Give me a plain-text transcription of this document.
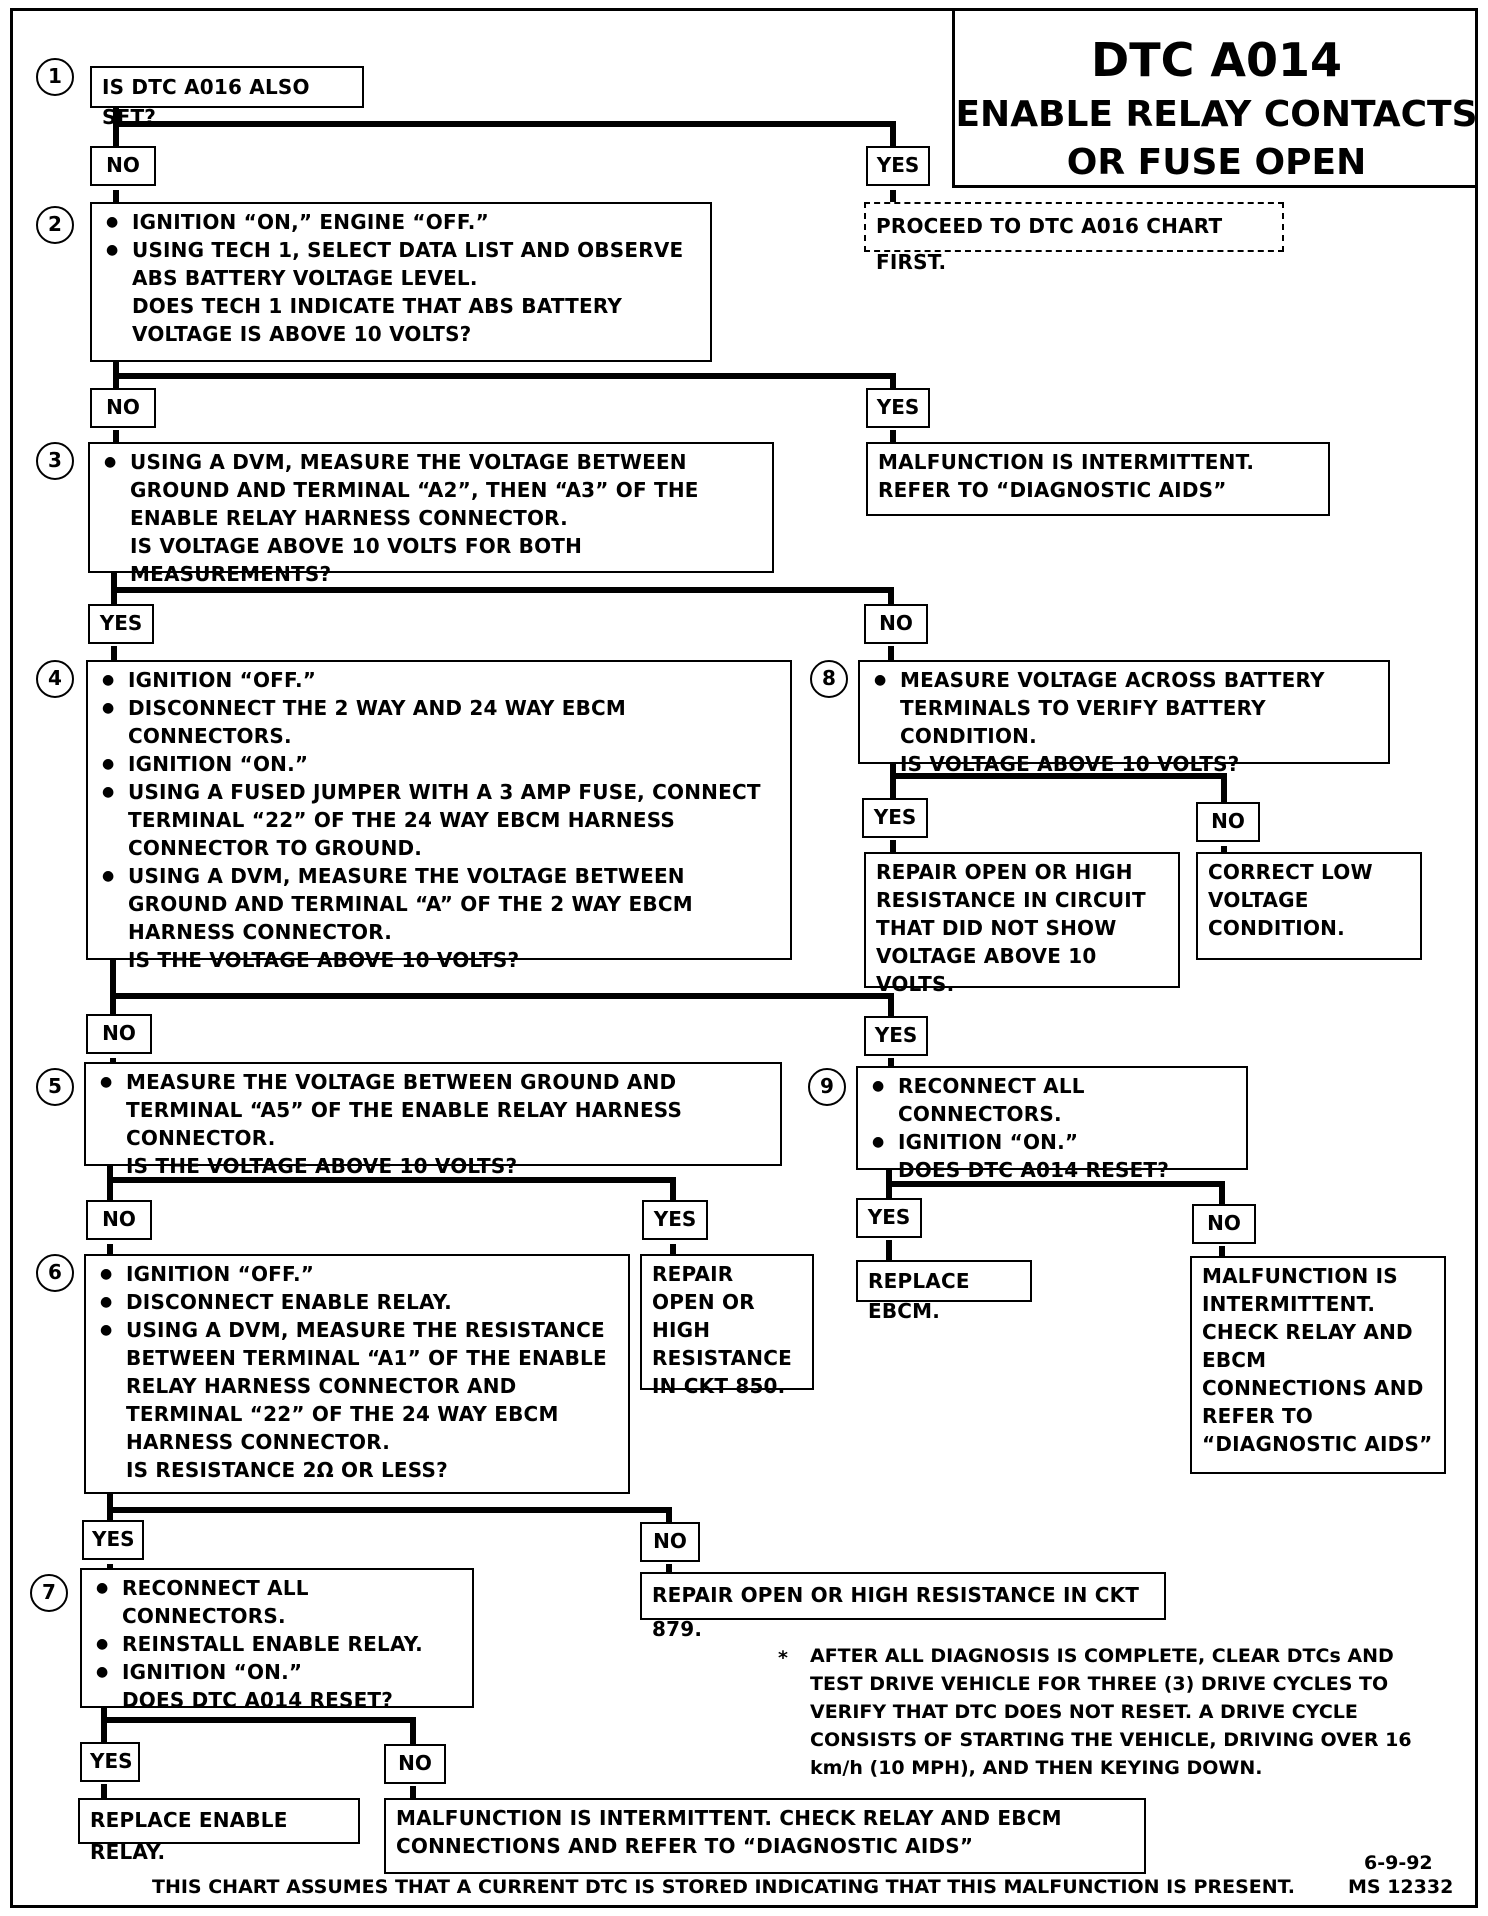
DTC A014
ENABLE RELAY CONTACTS
OR FUSE OPEN
1	IS DTC A016 ALSO SET?
NO	YES
PROCEED TO DTC A016 CHART FIRST.
2	● IGNITION “ON,” ENGINE “OFF.”
● USING TECH 1, SELECT DATA LIST AND OBSERVE ABS BATTERY VOLTAGE LEVEL.
DOES TECH 1 INDICATE THAT ABS BATTERY VOLTAGE IS ABOVE 10 VOLTS?
NO	YES
MALFUNCTION IS INTERMITTENT. REFER TO “DIAGNOSTIC AIDS”
3	● USING A DVM, MEASURE THE VOLTAGE BETWEEN GROUND AND TERMINAL “A2”, THEN “A3” OF THE ENABLE RELAY HARNESS CONNECTOR.
IS VOLTAGE ABOVE 10 VOLTS FOR BOTH MEASUREMENTS?
YES	NO
4	● IGNITION “OFF.”
● DISCONNECT THE 2 WAY AND 24 WAY EBCM CONNECTORS.
● IGNITION “ON.”
● USING A FUSED JUMPER WITH A 3 AMP FUSE, CONNECT TERMINAL “22” OF THE 24 WAY EBCM HARNESS CONNECTOR TO GROUND.
● USING A DVM, MEASURE THE VOLTAGE BETWEEN GROUND AND TERMINAL “A” OF THE 2 WAY EBCM HARNESS CONNECTOR.
IS THE VOLTAGE ABOVE 10 VOLTS?
NO	YES
8	● MEASURE VOLTAGE ACROSS BATTERY TERMINALS TO VERIFY BATTERY CONDITION.
IS VOLTAGE ABOVE 10 VOLTS?
YES	NO
REPAIR OPEN OR HIGH RESISTANCE IN CIRCUIT THAT DID NOT SHOW VOLTAGE ABOVE 10 VOLTS.
CORRECT LOW VOLTAGE CONDITION.
5	● MEASURE THE VOLTAGE BETWEEN GROUND AND TERMINAL “A5” OF THE ENABLE RELAY HARNESS CONNECTOR.
IS THE VOLTAGE ABOVE 10 VOLTS?
NO	YES
REPAIR OPEN OR HIGH RESISTANCE IN CKT 850.
9	● RECONNECT ALL CONNECTORS.
● IGNITION “ON.”
DOES DTC A014 RESET?
YES	NO
REPLACE EBCM.
MALFUNCTION IS INTERMITTENT. CHECK RELAY AND EBCM CONNECTIONS AND REFER TO “DIAGNOSTIC AIDS”
6	● IGNITION “OFF.”
● DISCONNECT ENABLE RELAY.
● USING A DVM, MEASURE THE RESISTANCE BETWEEN TERMINAL “A1” OF THE ENABLE RELAY HARNESS CONNECTOR AND TERMINAL “22” OF THE 24 WAY EBCM HARNESS CONNECTOR.
IS RESISTANCE 2Ω OR LESS?
YES	NO
REPAIR OPEN OR HIGH RESISTANCE IN CKT 879.
7	● RECONNECT ALL CONNECTORS.
● REINSTALL ENABLE RELAY.
● IGNITION “ON.”
DOES DTC A014 RESET?
YES	NO
REPLACE ENABLE RELAY.
MALFUNCTION IS INTERMITTENT. CHECK RELAY AND EBCM CONNECTIONS AND REFER TO “DIAGNOSTIC AIDS”
* AFTER ALL DIAGNOSIS IS COMPLETE, CLEAR DTCs AND TEST DRIVE VEHICLE FOR THREE (3) DRIVE CYCLES TO VERIFY THAT DTC DOES NOT RESET. A DRIVE CYCLE CONSISTS OF STARTING THE VEHICLE, DRIVING OVER 16 km/h (10 MPH), AND THEN KEYING DOWN.
THIS CHART ASSUMES THAT A CURRENT DTC IS STORED INDICATING THAT THIS MALFUNCTION IS PRESENT.
6-9-92
MS 12332
